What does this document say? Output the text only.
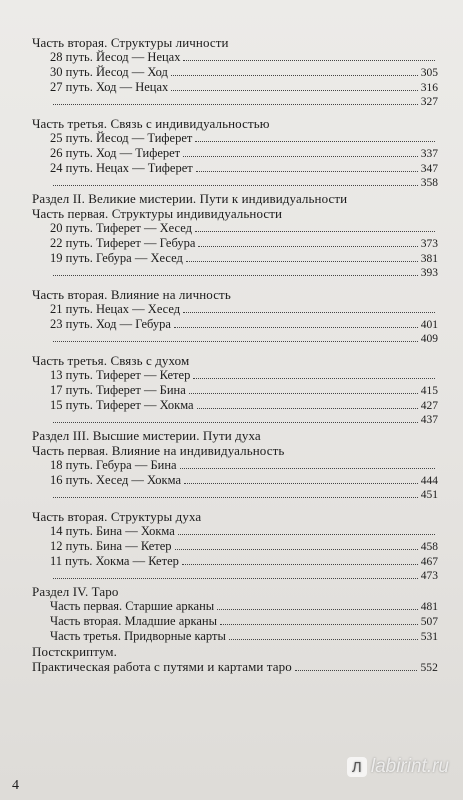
Часть вторая. Структуры личности
28 путь. Йесод — Нецах
30 путь. Йесод — Ход	305
27 путь. Ход — Нецах	316
327
Часть третья. Связь с индивидуальностью
25 путь. Йесод — Тиферет
26 путь. Ход — Тиферет	337
24 путь. Нецах — Тиферет	347
358
Раздел II. Великие мистерии. Пути к индивидуальности
Часть первая. Структуры индивидуальности
20 путь. Тиферет — Хесед
22 путь. Тиферет — Гебура	373
19 путь. Гебура — Хесед	381
393
Часть вторая. Влияние на личность
21 путь. Нецах — Хесед
23 путь. Ход — Гебура	401
409
Часть третья. Связь с духом
13 путь. Тиферет — Кетер
17 путь. Тиферет — Бина	415
15 путь. Тиферет — Хокма	427
437
Раздел III. Высшие мистерии. Пути духа
Часть первая. Влияние на индивидуальность
18 путь. Гебура — Бина
16 путь. Хесед — Хокма	444
451
Часть вторая. Структуры духа
14 путь. Бина — Хокма
12 путь. Бина — Кетер	458
11 путь. Хокма — Кетер	467
473
Раздел IV. Таро
Часть первая. Старшие арканы	481
Часть вторая. Младшие арканы	507
Часть третья. Придворные карты	531
Постскриптум.
Практическая работа с путями и картами таро	552
4
Л labirint.ru
